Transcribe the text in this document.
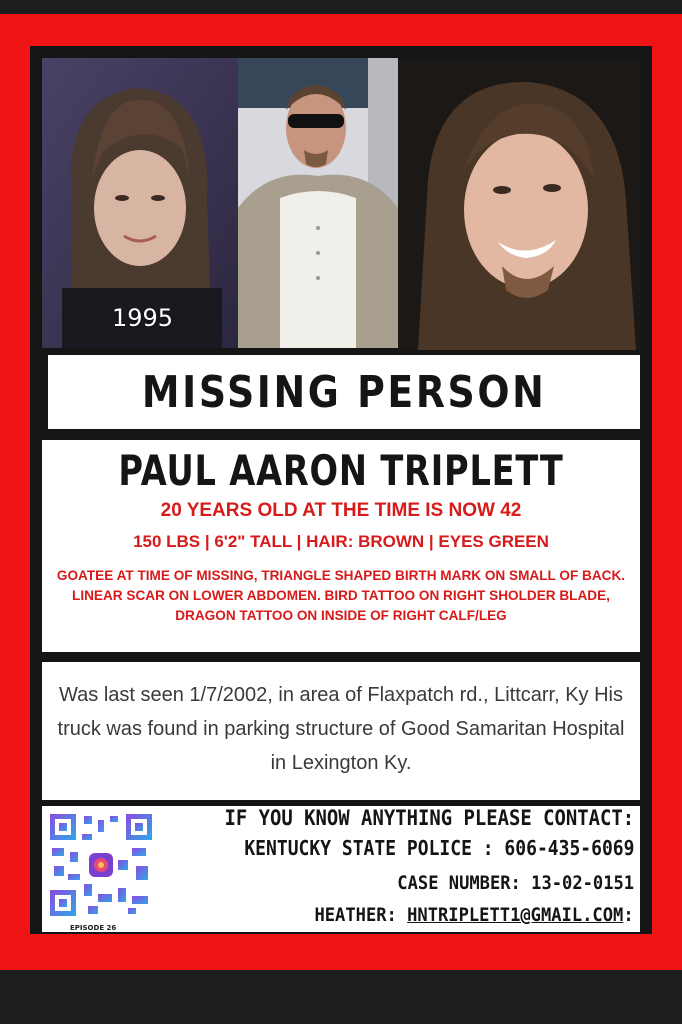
1995
MISSING PERSON
PAUL AARON TRIPLETT
20 YEARS OLD AT THE TIME IS NOW 42
150 LBS | 6'2" TALL | HAIR: BROWN | EYES GREEN
GOATEE AT TIME OF MISSING, TRIANGLE SHAPED BIRTH MARK ON SMALL OF BACK. LINEAR SCAR ON LOWER ABDOMEN. BIRD TATTOO ON RIGHT SHOLDER BLADE, DRAGON TATTOO ON INSIDE OF RIGHT CALF/LEG
Was last seen 1/7/2002, in area of Flaxpatch rd., Littcarr, Ky His truck was found in parking structure of Good Samaritan Hospital in Lexington Ky.
EPISODE 26
IF YOU KNOW ANYTHING PLEASE CONTACT:
KENTUCKY STATE POLICE : 606-435-6069
CASE NUMBER: 13-02-0151
HEATHER: HNTRIPLETT1@GMAIL.COM:
